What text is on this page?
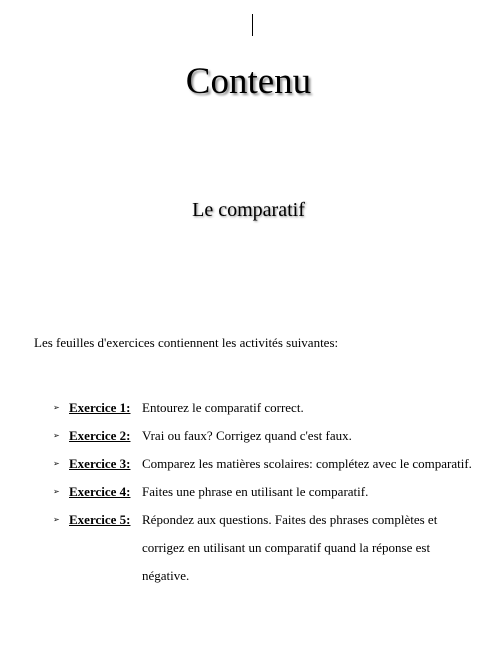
Contenu
Le comparatif

Les feuilles d'exercices contiennent les activités suivantes:

➢ Exercice 1: Entourez le comparatif correct.
➢ Exercice 2: Vrai ou faux? Corrigez quand c'est faux.
➢ Exercice 3: Comparez les matières scolaires: complétez avec le comparatif.
➢ Exercice 4: Faites une phrase en utilisant le comparatif.
➢ Exercice 5: Répondez aux questions. Faites des phrases complètes et corrigez en utilisant un comparatif quand la réponse est négative.
